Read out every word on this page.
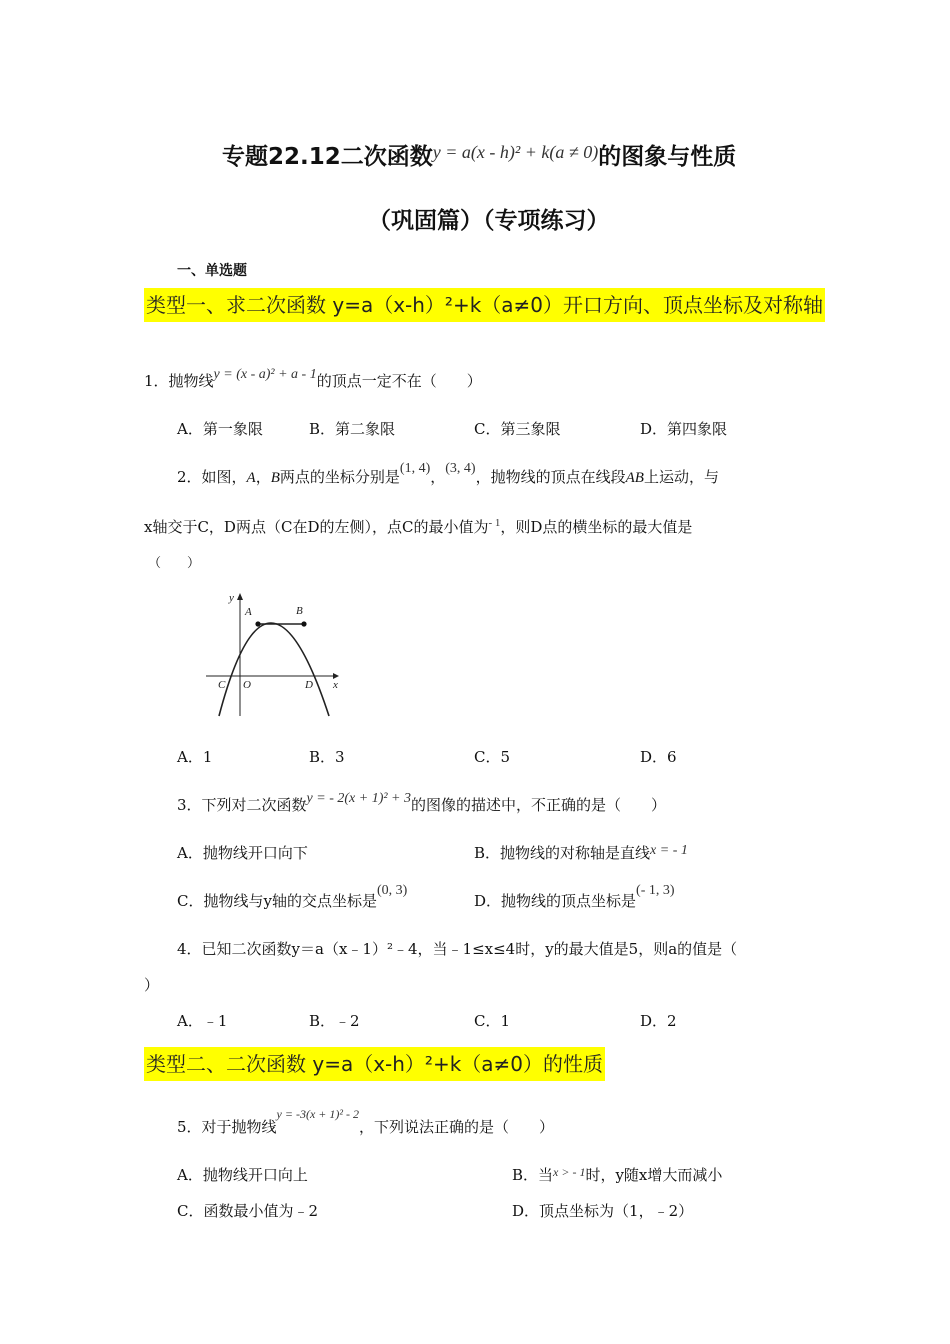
专题22.12二次函数$^{y = a(x - h)^2 + k(a \ne 0)}$的图象与性质
（巩固篇）（专项练习）
一、单选题
类型一、求二次函数 y=a（x-h）²+k（a≠0）开口方向、顶点坐标及对称轴
1．抛物线y = (x - a)² + a - 1的顶点一定不在（　　）
A．第一象限	B．第二象限	C．第三象限	D．第四象限
2．如图，A，B两点的坐标分别是(1, 4)，(3, 4)，抛物线的顶点在线段AB上运动，与
x轴交于C，D两点（C在D的左侧），点C的最小值为$^{- 1}$，则D点的横坐标的最大值是
（　　）
y
x
A	B
C O	D
A．1	B．3	C．5	D．6
3．下列对二次函数y = - 2(x + 1)² + 3的图像的描述中，不正确的是（　　）
A．抛物线开口向下	B．抛物线的对称轴是直线x = - 1
C．抛物线与y轴的交点坐标是(0, 3)
D．抛物线的顶点坐标是(- 1, 3)
4．已知二次函数y＝a（x﹣1）²﹣4，当﹣1≤x≤4时，y的最大值是5，则a的值是（
）
A．﹣1	B．﹣2	C．1	D．2
类型二、二次函数 y=a（x-h）²+k（a≠0）的性质
5．对于抛物线$^{y = -3(x + 1)^2 - 2}$，下列说法正确的是（　　）
A．抛物线开口向上	B．当$^{x > - 1}$时，y随x增大而减小
C．函数最小值为﹣2	D．顶点坐标为（1，﹣2）
